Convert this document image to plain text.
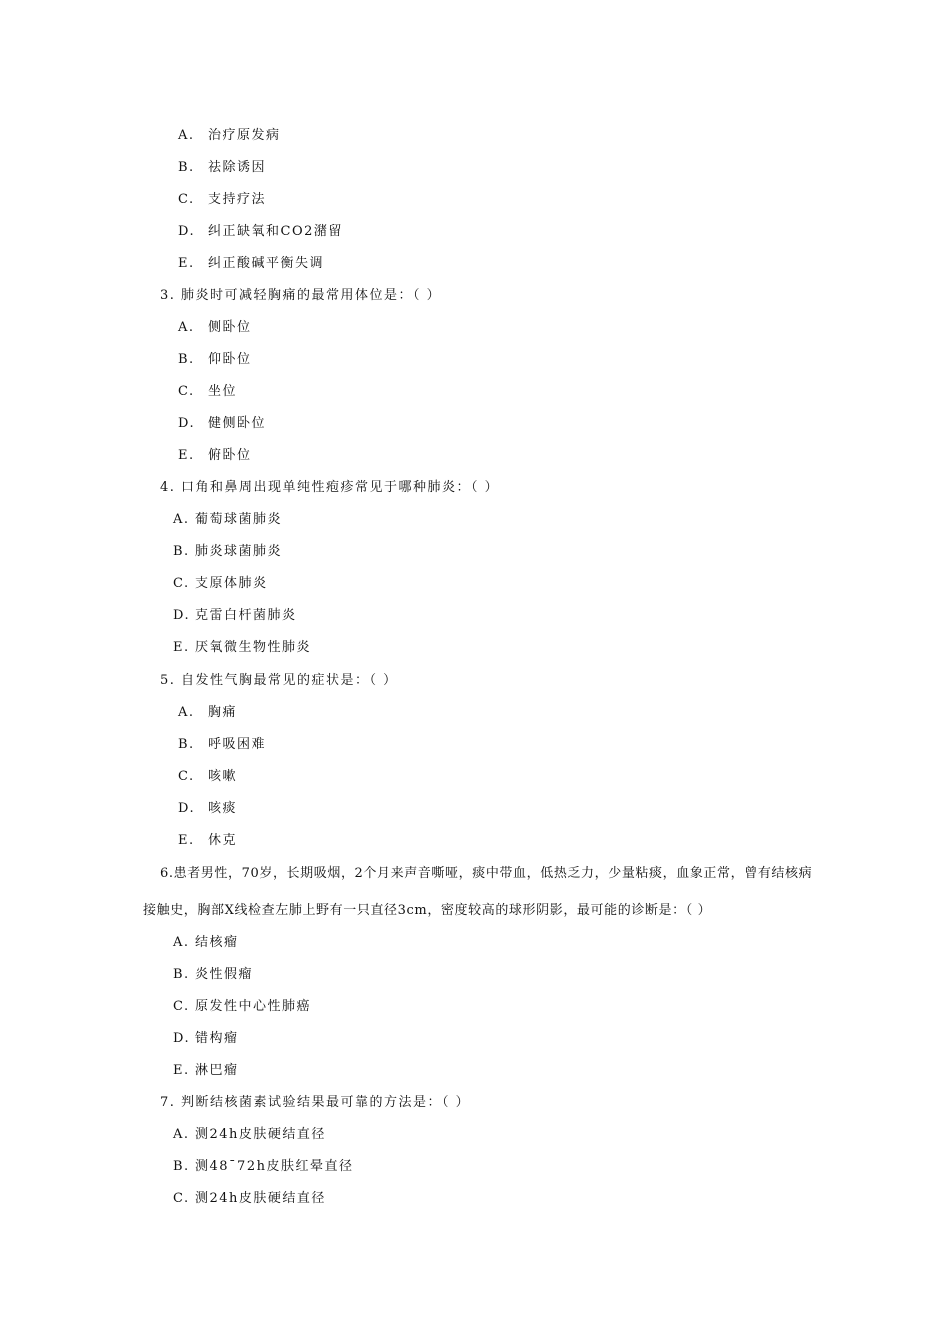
A. 治疗原发病
B. 祛除诱因
C. 支持疗法
D. 纠正缺氧和CO2潴留
E. 纠正酸碱平衡失调
3. 肺炎时可减轻胸痛的最常用体位是：（ ）
A. 侧卧位
B. 仰卧位
C. 坐位
D. 健侧卧位
E. 俯卧位
4. 口角和鼻周出现单纯性疱疹常见于哪种肺炎：（ ）
A. 葡萄球菌肺炎
B. 肺炎球菌肺炎
C. 支原体肺炎
D. 克雷白杆菌肺炎
E. 厌氧微生物性肺炎
5. 自发性气胸最常见的症状是：（ ）
A. 胸痛
B. 呼吸困难
C. 咳嗽
D. 咳痰
E. 休克
6.患者男性，70岁，长期吸烟，2个月来声音嘶哑，痰中带血，低热乏力，少量粘痰，血象正常，曾有结核病
接触史，胸部X线检查左肺上野有一只直径3cm，密度较高的球形阴影，最可能的诊断是：（ ）
A. 结核瘤
B. 炎性假瘤
C. 原发性中心性肺癌
D. 错构瘤
E. 淋巴瘤
7. 判断结核菌素试验结果最可靠的方法是：（ ）
A. 测24h皮肤硬结直径
B. 测48¯72h皮肤红晕直径
C. 测24h皮肤硬结直径
